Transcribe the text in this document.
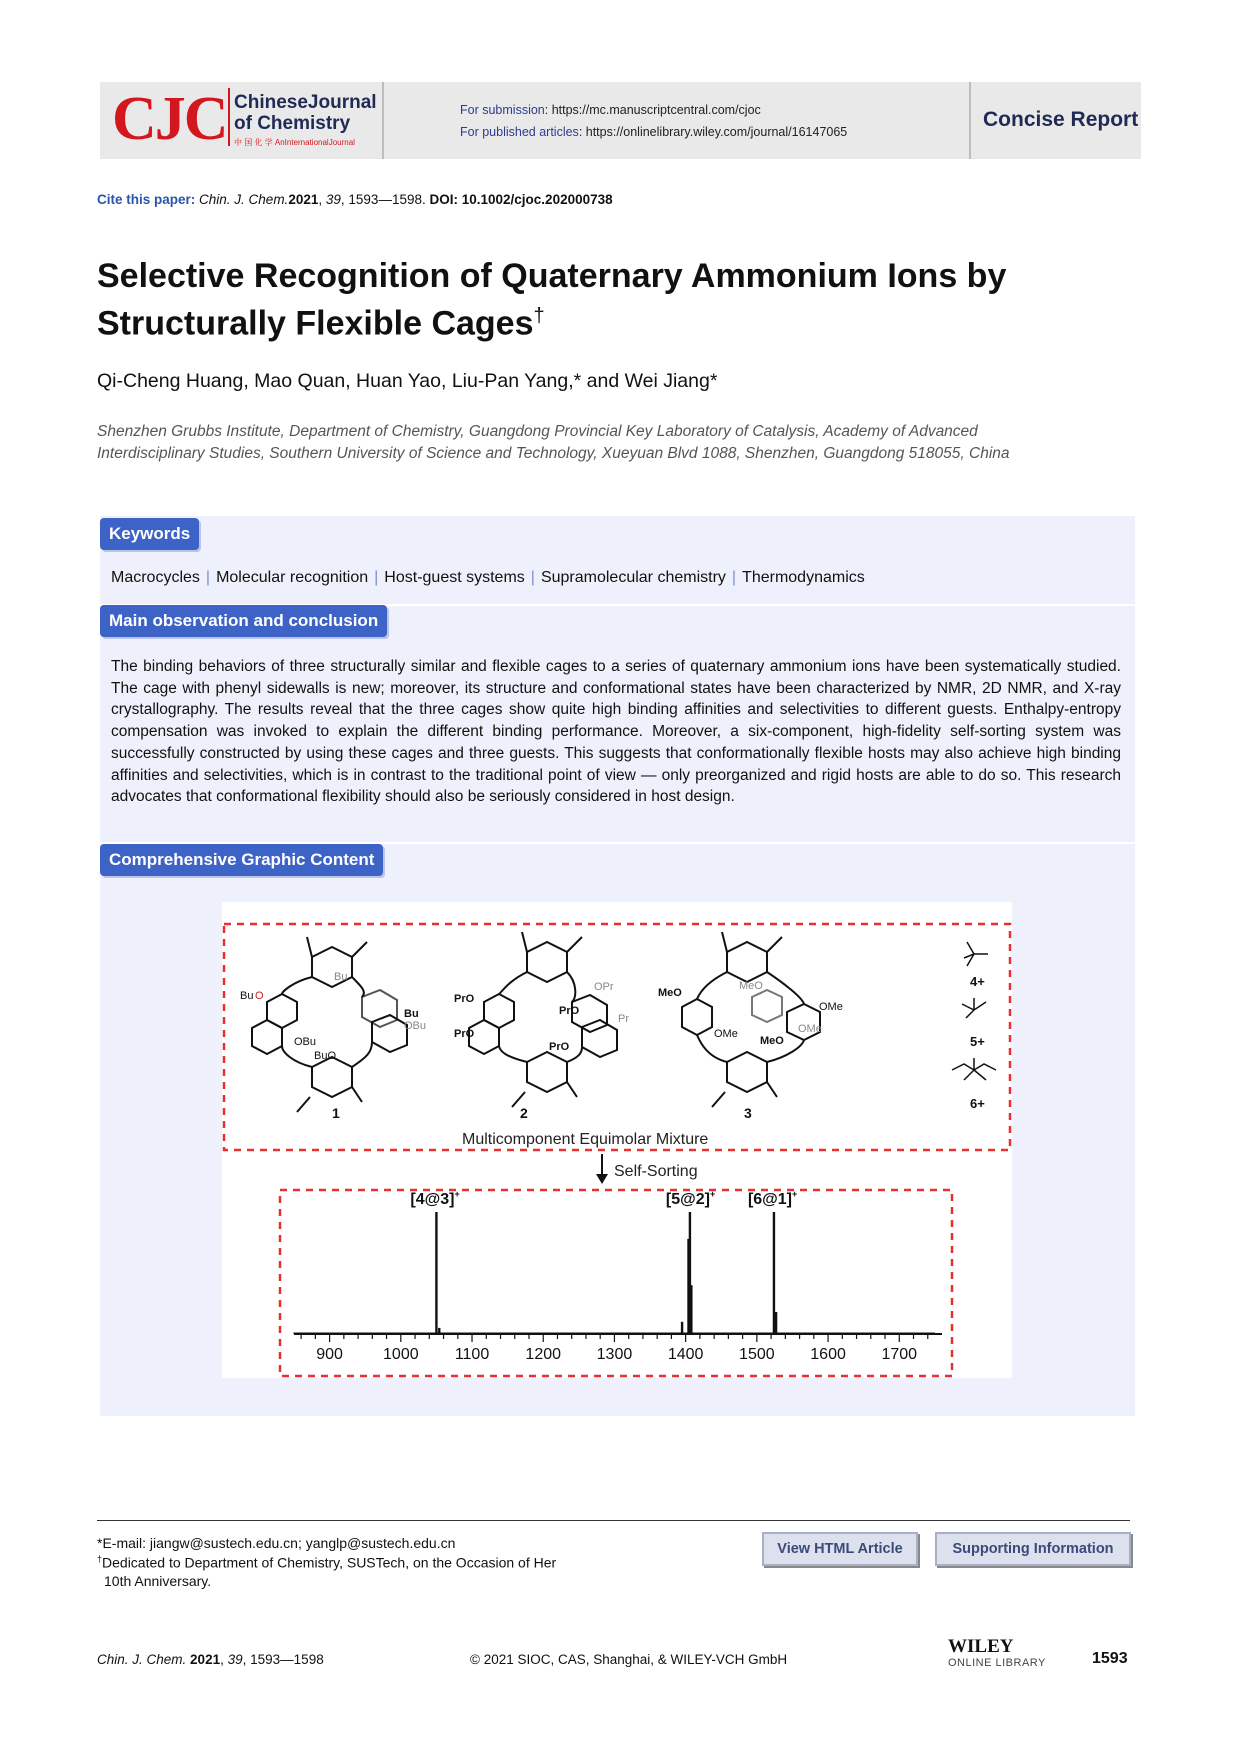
CJC ChineseJournal
of Chemistry
中 国 化 学 AnInternationalJournal
For submission: https://mc.manuscriptcentral.com/cjoc
For published articles: https://onlinelibrary.wiley.com/journal/16147065
Concise Report
Cite this paper: Chin. J. Chem.2021, 39, 1593—1598. DOI: 10.1002/cjoc.202000738
Selective Recognition of Quaternary Ammonium Ions by
Structurally Flexible Cages†
Qi-Cheng Huang, Mao Quan, Huan Yao, Liu-Pan Yang,* and Wei Jiang*
Shenzhen Grubbs Institute, Department of Chemistry, Guangdong Provincial Key Laboratory of Catalysis, Academy of Advanced
Interdisciplinary Studies, Southern University of Science and Technology, Xueyuan Blvd 1088, Shenzhen, Guangdong 518055, China
Keywords
Macrocycles | Molecular recognition | Host-guest systems | Supramolecular chemistry | Thermodynamics
Main observation and conclusion
The binding behaviors of three structurally similar and flexible cages to a series of quaternary ammonium ions have been systematically studied. The cage with phenyl sidewalls is new; moreover, its structure and conformational states have been characterized by NMR, 2D NMR, and X-ray crystallography. The results reveal that the three cages show quite high binding affinities and selectivities to different guests. Enthalpy-entropy compensation was invoked to explain the different binding performance. Moreover, a six-component, high-fidelity self-sorting system was successfully constructed by using these cages and three guests. This suggests that conformationally flexible hosts may also achieve high binding affinities and selectivities, which is in contrast to the traditional point of view — only preorganized and rigid hosts are able to do so. This research advocates that conformational flexibility should also be seriously considered in host design.
Comprehensive Graphic Content
Bu O
OBu
Bu
Bu
OBu
BuO
1
PrO
PrO
OPr
PrO
PrO
Pr
2
MeO
MeO
OMe
OMe
MeO
OMe
3
4+
5+
6+
Multicomponent Equimolar Mixture
Self-Sorting
900	1000 1100 1200 1300 1400 1500 1600 1700
[4@3]+	[5@2]+ [6@1]+
*E-mail: jiangw@sustech.edu.cn; yanglp@sustech.edu.cn
†Dedicated to Department of Chemistry, SUSTech, on the Occasion of Her
10th Anniversary.
View HTML Article	Supporting Information
Chin. J. Chem. 2021, 39, 1593—1598	© 2021 SIOC, CAS, Shanghai, & WILEY-VCH GmbH
WILEY
ONLINE LIBRARY	1593
